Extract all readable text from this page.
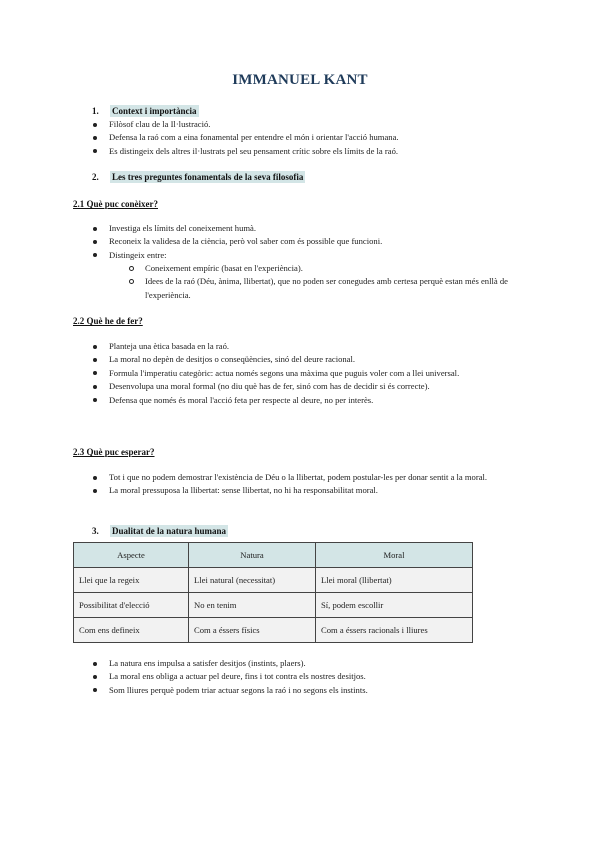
IMMANUEL KANT
1. Context i importància
Filòsof clau de la Il·lustració.
Defensa la raó com a eina fonamental per entendre el món i orientar l'acció humana.
Es distingeix dels altres il·lustrats pel seu pensament crític sobre els límits de la raó.
2. Les tres preguntes fonamentals de la seva filosofia
2.1 Què puc conèixer?
Investiga els límits del coneixement humà.
Reconeix la validesa de la ciència, però vol saber com és possible que funcioni.
Distingeix entre:
Coneixement empíric (basat en l'experiència).
Idees de la raó (Déu, ànima, llibertat), que no poden ser conegudes amb certesa perquè estan més enllà de l'experiència.
2.2 Què he de fer?
Planteja una ètica basada en la raó.
La moral no depèn de desitjos o conseqüències, sinó del deure racional.
Formula l'imperatiu categòric: actua només segons una màxima que puguis voler com a llei universal.
Desenvolupa una moral formal (no diu què has de fer, sinó com has de decidir si és correcte).
Defensa que només és moral l'acció feta per respecte al deure, no per interès.
2.3 Què puc esperar?
Tot i que no podem demostrar l'existència de Déu o la llibertat, podem postular-les per donar sentit a la moral.
La moral pressuposa la llibertat: sense llibertat, no hi ha responsabilitat moral.
3. Dualitat de la natura humana
Aspecte	Natura	Moral
Llei que la regeix	Llei natural (necessitat)	Llei moral (llibertat)
Possibilitat d'elecció	No en tenim	Sí, podem escollir
Com ens defineix	Com a éssers físics	Com a éssers racionals i lliures
La natura ens impulsa a satisfer desitjos (instints, plaers).
La moral ens obliga a actuar pel deure, fins i tot contra els nostres desitjos.
Som lliures perquè podem triar actuar segons la raó i no segons els instints.
